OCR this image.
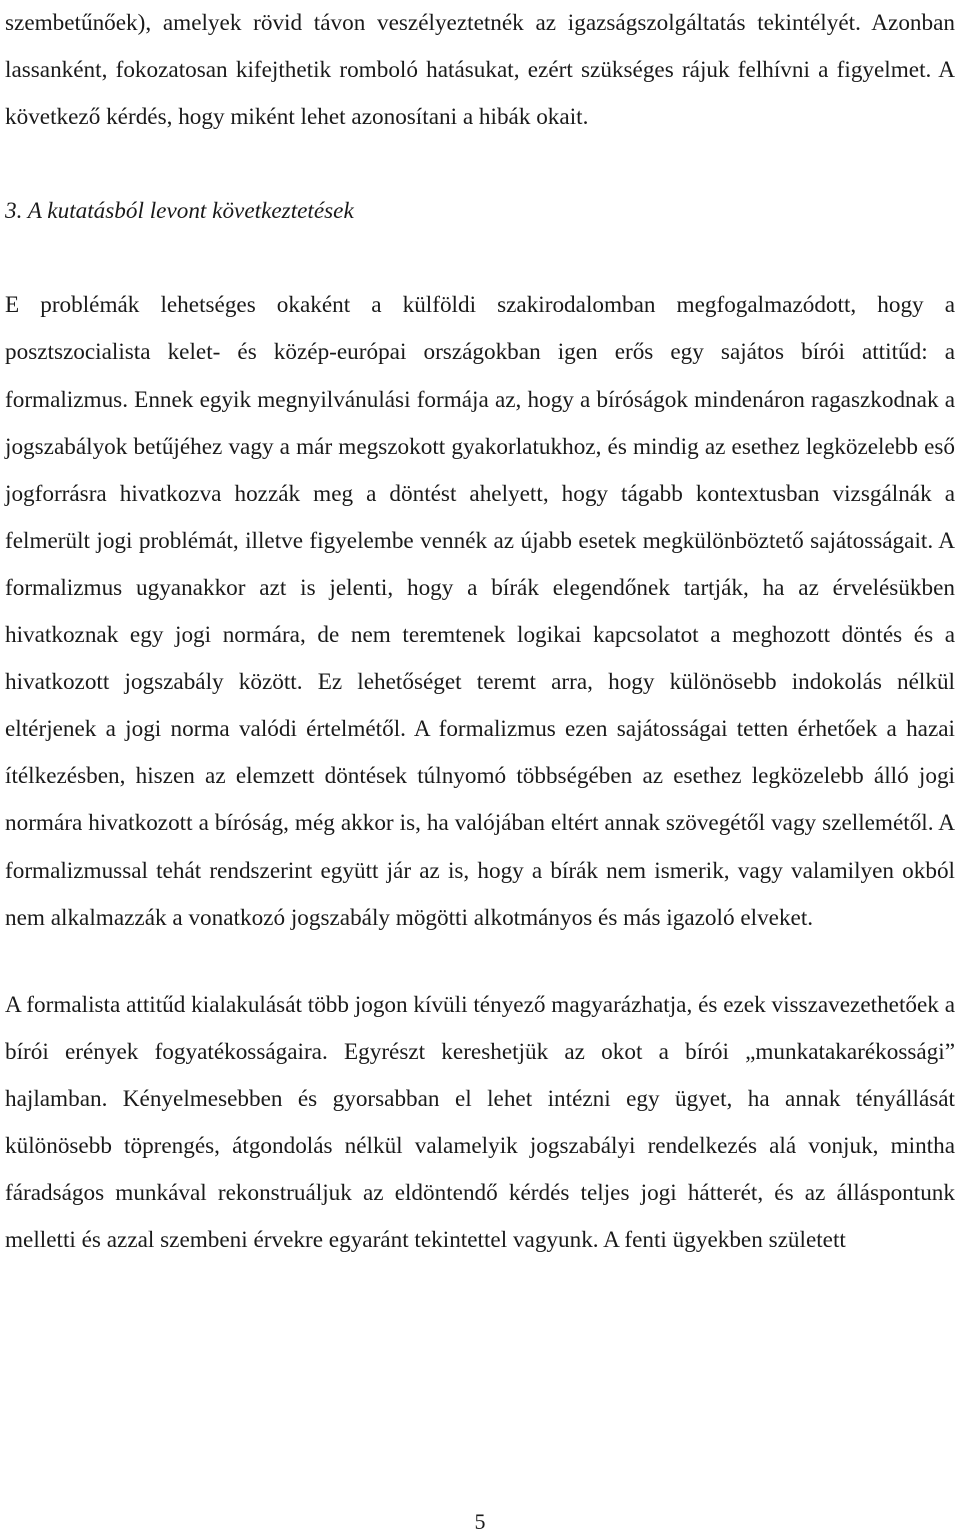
szembetűnőek), amelyek rövid távon veszélyeztetnék az igazságszolgáltatás tekintélyét. Azonban lassanként, fokozatosan kifejthetik romboló hatásukat, ezért szükséges rájuk felhívni a figyelmet. A következő kérdés, hogy miként lehet azonosítani a hibák okait.

3. A kutatásból levont következtetések

E problémák lehetséges okaként a külföldi szakirodalomban megfogalmazódott, hogy a posztszocialista kelet- és közép-európai országokban igen erős egy sajátos bírói attitűd: a formalizmus. Ennek egyik megnyilvánulási formája az, hogy a bíróságok mindenáron ragaszkodnak a jogszabályok betűjéhez vagy a már megszokott gyakorlatukhoz, és mindig az esethez legközelebb eső jogforrásra hivatkozva hozzák meg a döntést ahelyett, hogy tágabb kontextusban vizsgálnák a felmerült jogi problémát, illetve figyelembe vennék az újabb esetek megkülönböztető sajátosságait. A formalizmus ugyanakkor azt is jelenti, hogy a bírák elegendőnek tartják, ha az érvelésükben hivatkoznak egy jogi normára, de nem teremtenek logikai kapcsolatot a meghozott döntés és a hivatkozott jogszabály között. Ez lehetőséget teremt arra, hogy különösebb indokolás nélkül eltérjenek a jogi norma valódi értelmétől. A formalizmus ezen sajátosságai tetten érhetőek a hazai ítélkezésben, hiszen az elemzett döntések túlnyomó többségében az esethez legközelebb álló jogi normára hivatkozott a bíróság, még akkor is, ha valójában eltért annak szövegétől vagy szellemétől. A formalizmussal tehát rendszerint együtt jár az is, hogy a bírák nem ismerik, vagy valamilyen okból nem alkalmazzák a vonatkozó jogszabály mögötti alkotmányos és más igazoló elveket.

A formalista attitűd kialakulását több jogon kívüli tényező magyarázhatja, és ezek visszavezethetőek a bírói erények fogyatékosságaira. Egyrészt kereshetjük az okot a bírói „munkatakarékossági” hajlamban. Kényelmesebben és gyorsabban el lehet intézni egy ügyet, ha annak tényállását különösebb töprengés, átgondolás nélkül valamelyik jogszabályi rendelkezés alá vonjuk, mintha fáradságos munkával rekonstruáljuk az eldöntendő kérdés teljes jogi hátterét, és az álláspontunk melletti és azzal szembeni érvekre egyaránt tekintettel vagyunk. A fenti ügyekben született

5
